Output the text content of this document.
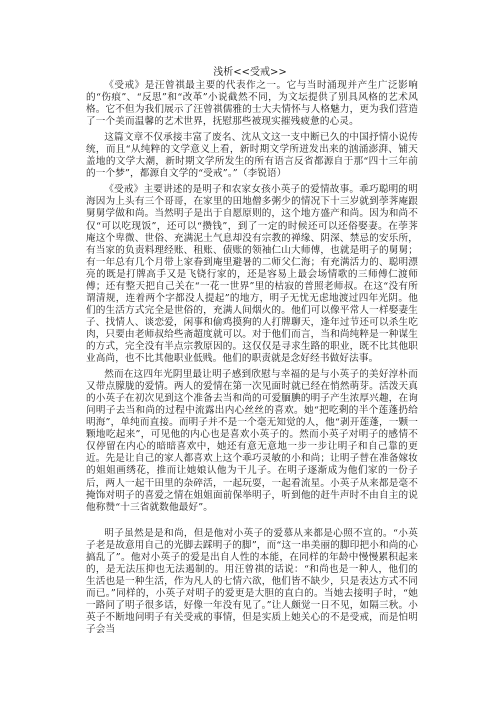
浅析<<受戒>>

《受戒》是汪曾祺最主要的代表作之一。它与当时涌现并产生广泛影响的“伤痕”、“反思”和“改革”小说截然不同，为文坛提供了别具风格的艺术风格。它不但为我们展示了汪曾祺儒雅的士大夫情怀与人格魅力，更为我们营造了一个美而温馨的艺术世界，抚慰那些被现实摧残疲惫的心灵。

这篇文章不仅承接丰富了废名、沈从文这一支中断已久的中国抒情小说传统，而且“从纯粹的文学意义上看，新时期文学所迸发出来的汹涌澎湃、铺天盖地的文学大潮，新时期文学所发生的所有语言反省都源自于那“四十三年前的一个梦”，都源自文学的“受戒”。”（李锐语）

《受戒》主要讲述的是明子和农家女孩小英子的爱情故事。乖巧聪明的明海因为上头有三个哥哥，在家里的田地僧多粥少的情况下十三岁就到荸荠庵跟舅舅学做和尚。当然明子是出于自愿原则的，这个地方盛产和尚。因为和尚不仅“可以吃现饭”，还可以“攒钱”，到了一定的时候还可以还俗娶妻。在荸荠庵这个卑微、世俗、充满泥土气息却没有宗教的禅缘、阴深、禁忌的安乐所，有当家的负责料理经账、租账、债账的领袖仁山大师傅，也就是明子的舅舅；有一年总有几个月带上家眷到庵里避暑的二师父仁海；有充满活力的、聪明漂亮的既是打牌高手又是飞铙行家的，还是容易上最会场情歌的三师傅仁渡师傅；还有整天把自己关在“一花一世界”里的枯寂的普照老师叔。在这“没有所谓清规，连着两个字都没人提起”的地方，明子无忧无虑地渡过四年光阴。他们的生活方式完全是世俗的，充满人间烟火的。他们可以像平常人一样娶妻生子、找情人、谈恋爱，闲事和偷鸡摸狗的人打牌聊天，逢年过节还可以杀生吃肉，只要由老师叔给些斋超度就可以。对于他们而言，当和尚纯粹是一种谋生的方式，完全没有半点宗教原因的。这仅仅是寻求生路的职业，既不比其他职业高尚，也不比其他职业低贱。他们的职责就是念好经书做好法事。

然而在这四年光阴里最让明子感到欣慰与幸福的是与小英子的美好淳朴而又带点朦胧的爱情。两人的爱情在第一次见面时就已经在悄然萌芽。活泼天真的小英子在初次见到这个准备去当和尚的可爱腼腆的明子产生浓厚兴趣，在询问明子去当和尚的过程中流露出内心丝丝的喜欢。她“把吃剩的半个莲蓬扔给明海”，单纯而直接。而明子并不是一个毫无知觉的人，他“剥开莲蓬，一颗一颗地吃起来”，可见他的内心也是喜欢小英子的。然而小英子对明子的感情不仅停留在内心的暗暗喜欢中，她还有意无意地一步一步让明子和自己靠的更近。先是让自己的家人都喜欢上这个乖巧灵敏的小和尚；让明子替在准备嫁妆的姐姐画绣花，推而让她娘认他为干儿子。在明子逐渐成为他们家的一份子后，两人一起干田里的杂碎活，一起玩耍，一起看流星。小英子从来都是毫不掩饰对明子的喜爱之情在姐姐面前保举明子，听到他的赶牛声时不由自主的说他称赞“十三省就数他最好”。

明子虽然是是和尚，但是他对小英子的爱慕从来都是心照不宣的。“小英子老是故意用自己的光脚去踩明子的脚”，而“这一串美丽的脚印把小和尚的心搞乱了”。他对小英子的爱是出自人性的本能，在同样的年龄中慢慢累积起来的，是无法压抑也无法遏制的。用汪曾祺的话说：“和尚也是一种人，他们的生活也是一种生活，作为凡人的七情六欲，他们皆不缺少，只是表达方式不同而已。”同样的，小英子对明子的爱更是大胆的直白的。当她去接明子时，“她一路问了明子很多话，好像一年没有见了。”让人颇觉一日不见，如隔三秋。小英子不断地问明子有关受戒的事情，但是实质上她关心的不是受戒，而是怕明子会当
